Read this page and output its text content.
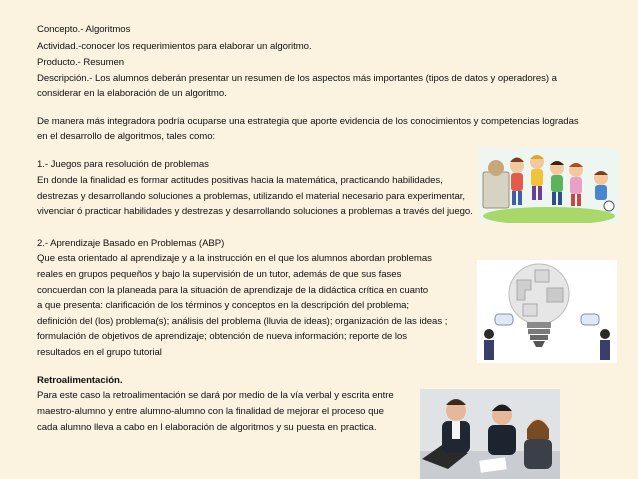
Concepto.- Algoritmos
Actividad.-conocer los requerimientos para elaborar un algoritmo.
Producto.- Resumen
Descripción.- Los alumnos deberán presentar un resumen de los aspectos más importantes (tipos de datos y operadores) a
considerar en la elaboración de un algoritmo.
De manera más integradora podría ocuparse una estrategia que aporte evidencia de los conocimientos y competencias logradas
en el desarrollo de algoritmos, tales como:
1.- Juegos para resolución de problemas
En donde la finalidad es formar actitudes positivas hacia la matemática, practicando habilidades,
destrezas y desarrollando soluciones a problemas, utilizando el material necesario para experimentar,
vivenciar ó practicar habilidades y destrezas y desarrollando soluciones a problemas a través del juego.
2.- Aprendizaje Basado en Problemas (ABP)
Que esta orientado al aprendizaje y a la instrucción en el que los alumnos abordan problemas
reales en grupos pequeños y bajo la supervisión de un tutor, además de que sus fases
concuerdan con la planeada para la situación de aprendizaje de la didáctica crítica en cuanto
a que presenta: clarificación de los términos y conceptos en la descripción del problema;
definición del (los) problema(s); análisis del problema (lluvia de ideas); organización de las ideas ;
formulación de objetivos de aprendizaje; obtención de nueva información; reporte de los
resultados en el grupo tutorial
Retroalimentación.
Para este caso la retroalimentación se dará por medio de la vía verbal y escrita entre
maestro-alumno y entre alumno-alumno con la finalidad de mejorar el proceso que
cada alumno lleva a cabo en l elaboración de algoritmos y su puesta en practica.
